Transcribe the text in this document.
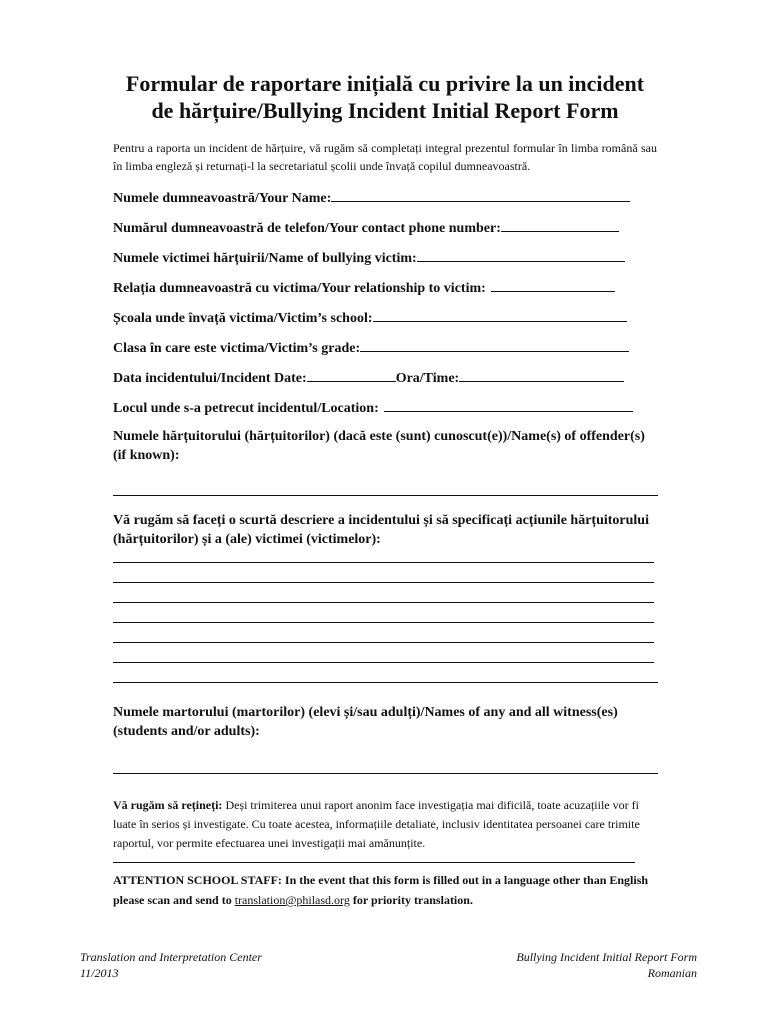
Formular de raportare inițială cu privire la un incident
de hărțuire/Bullying Incident Initial Report Form
Pentru a raporta un incident de hărțuire, vă rugăm să completați integral prezentul formular în limba română sau în limba engleză și returnați-l la secretariatul școlii unde învață copilul dumneavoastră.
Numele dumneavoastră/Your Name:
Numărul dumneavoastră de telefon/Your contact phone number:
Numele victimei hărțuirii/Name of bullying victim:
Relația dumneavoastră cu victima/Your relationship to victim:
Școala unde învață victima/Victim’s school:
Clasa în care este victima/Victim’s grade:
Data incidentului/Incident Date:	Ora/Time:
Locul unde s-a petrecut incidentul/Location:
Numele hărțuitorului (hărțuitorilor) (dacă este (sunt) cunoscut(e))/Name(s) of offender(s) (if known):
Vă rugăm să faceți o scurtă descriere a incidentului și să specificați acțiunile hărțuitorului (hărțuitorilor) și a (ale) victimei (victimelor):
Numele martorului (martorilor) (elevi și/sau adulți)/Names of any and all witness(es) (students and/or adults):
Vă rugăm să rețineți: Deși trimiterea unui raport anonim face investigația mai dificilă, toate acuzațiile vor fi luate în serios și investigate. Cu toate acestea, informațiile detaliate, inclusiv identitatea persoanei care trimite raportul, vor permite efectuarea unei investigații mai amănunțite.
ATTENTION SCHOOL STAFF: In the event that this form is filled out in a language other than English please scan and send to translation@philasd.org for priority translation.
Translation and Interpretation Center
11/2013
Bullying Incident Initial Report Form
Romanian
